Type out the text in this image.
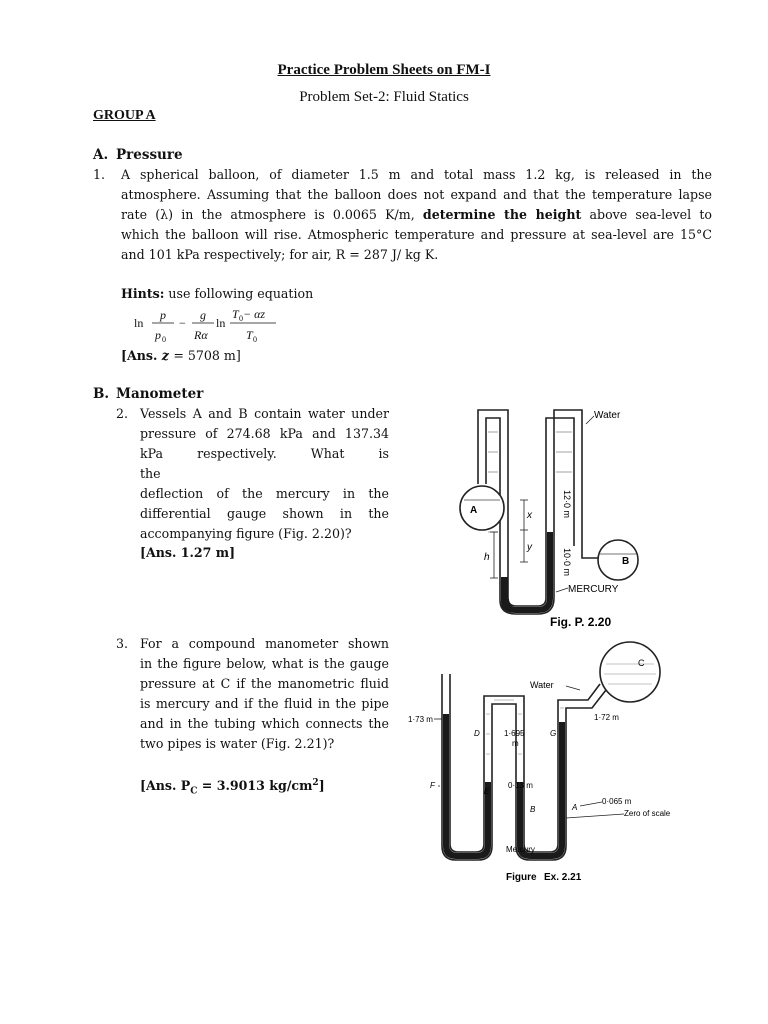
Practice Problem Sheets on FM-I
Problem Set-2: Fluid Statics
GROUP A
A. Pressure
1. A spherical balloon, of diameter 1.5 m and total mass 1.2 kg, is released in the
atmosphere. Assuming that the balloon does not expand and that the temperature lapse
rate (λ) in the atmosphere is 0.0065 K/m, determine the height above sea-level to
which the balloon will rise. Atmospheric temperature and pressure at sea-level are 15°C
and 101 kPa respectively; for air, R = 287 J/ kg K.
Hints: use following equation
ln
p
p 0
−
g
Rα
ln
T 0 − αz
T 0
[Ans. z = 5708 m]
B. Manometer
2. Vessels A and B contain water under
pressure of 274.68 kPa and 137.34
kPa respectively. What is the
deflection of the mercury in the
differential gauge shown in the
accompanying figure (Fig. 2.20)?
[Ans. 1.27 m]
3. For a compound manometer shown
in the figure below, what is the gauge
pressure at C if the manometric fluid
is mercury and if the fluid in the pipe
and in the tubing which connects the
two pipes is water (Fig. 2.21)?
[Ans. $P_C = 3.9013$ $kg/cm^2$]
A
B
x
y
h
12·0 m
10·0 m
Water
MERCURY
Fig. P. 2.20
C
1·73 m
D	1·695
m
G
Water
1·72 m
F
E
0·13 m
B	A
0·065 m
Zero of scale
Mercury
Figure Ex. 2.21
